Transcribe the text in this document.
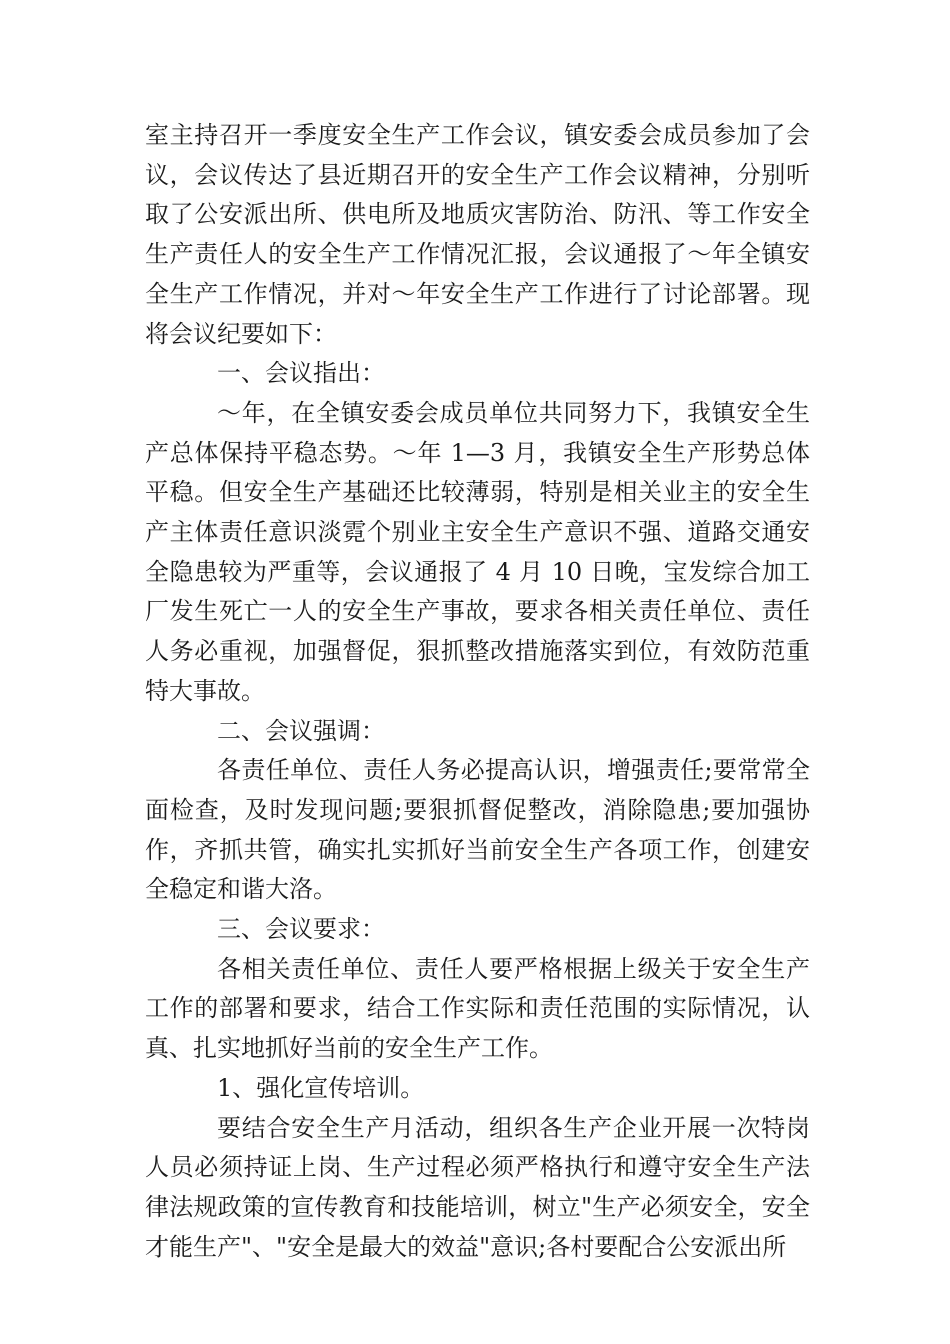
室主持召开一季度安全生产工作会议，镇安委会成员参加了会议，会议传达了县近期召开的安全生产工作会议精神，分别听取了公安派出所、供电所及地质灾害防治、防汛、等工作安全生产责任人的安全生产工作情况汇报，会议通报了～年全镇安全生产工作情况，并对～年安全生产工作进行了讨论部署。现将会议纪要如下：

一、会议指出：

～年，在全镇安委会成员单位共同努力下，我镇安全生产总体保持平稳态势。～年 1—3 月，我镇安全生产形势总体平稳。但安全生产基础还比较薄弱，特别是相关业主的安全生产主体责任意识淡霓个别业主安全生产意识不强、道路交通安全隐患较为严重等，会议通报了 4 月 10 日晚，宝发综合加工厂发生死亡一人的安全生产事故，要求各相关责任单位、责任人务必重视，加强督促，狠抓整改措施落实到位，有效防范重特大事故。

二、会议强调：

各责任单位、责任人务必提高认识，增强责任;要常常全面检查，及时发现问题;要狠抓督促整改，消除隐患;要加强协作，齐抓共管，确实扎实抓好当前安全生产各项工作，创建安全稳定和谐大洛。

三、会议要求：

各相关责任单位、责任人要严格根据上级关于安全生产工作的部署和要求，结合工作实际和责任范围的实际情况，认真、扎实地抓好当前的安全生产工作。

1、强化宣传培训。

要结合安全生产月活动，组织各生产企业开展一次特岗人员必须持证上岗、生产过程必须严格执行和遵守安全生产法律法规政策的宣传教育和技能培训，树立"生产必须安全，安全才能生产"、"安全是最大的效益"意识;各村要配合公安派出所
